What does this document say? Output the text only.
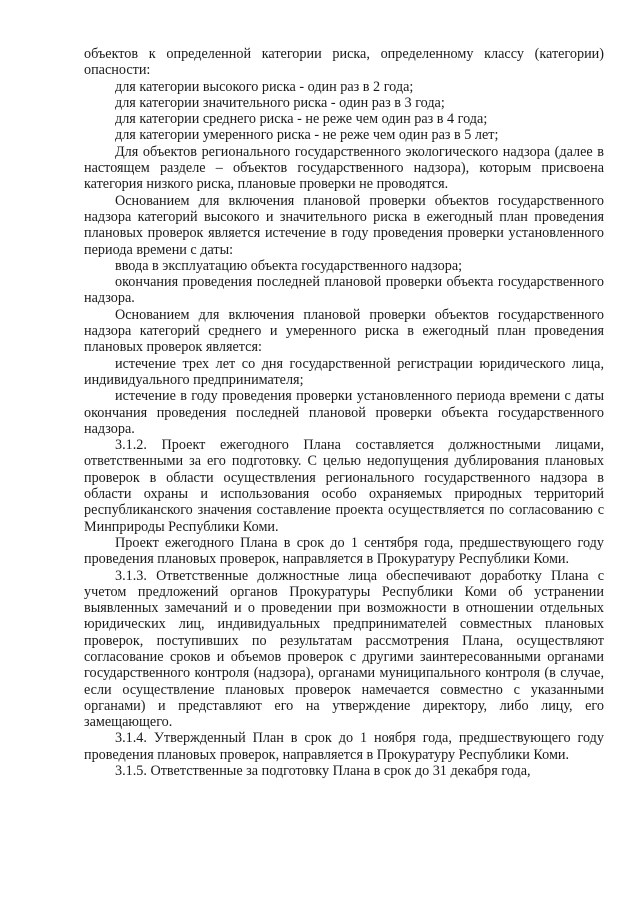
объектов к определенной категории риска, определенному классу (категории) опасности:

для категории высокого риска - один раз в 2 года;

для категории значительного риска - один раз в 3 года;

для категории среднего риска - не реже чем один раз в 4 года;

для категории умеренного риска - не реже чем один раз в 5 лет;

Для объектов регионального государственного экологического надзора (далее в настоящем разделе – объектов государственного надзора), которым присвоена категория низкого риска, плановые проверки не проводятся.

Основанием для включения плановой проверки объектов государственного надзора категорий высокого и значительного риска в ежегодный план проведения плановых проверок является истечение в году проведения проверки установленного периода времени с даты:

ввода в эксплуатацию объекта государственного надзора;

окончания проведения последней плановой проверки объекта государственного надзора.

Основанием для включения плановой проверки объектов государственного надзора категорий среднего и умеренного риска в ежегодный план проведения плановых проверок является:

истечение трех лет со дня государственной регистрации юридического лица, индивидуального предпринимателя;

истечение в году проведения проверки установленного периода времени с даты окончания проведения последней плановой проверки объекта государственного надзора.

3.1.2. Проект ежегодного Плана составляется должностными лицами, ответственными за его подготовку. С целью недопущения дублирования плановых проверок в области осуществления регионального государственного надзора в области охраны и использования особо охраняемых природных территорий республиканского значения составление проекта осуществляется по согласованию с Минприроды Республики Коми.

Проект ежегодного Плана в срок до 1 сентября года, предшествующего году проведения плановых проверок, направляется в Прокуратуру Республики Коми.

3.1.3. Ответственные должностные лица обеспечивают доработку Плана с учетом предложений органов Прокуратуры Республики Коми об устранении выявленных замечаний и о проведении при возможности в отношении отдельных юридических лиц, индивидуальных предпринимателей совместных плановых проверок, поступивших по результатам рассмотрения Плана, осуществляют согласование сроков и объемов проверок с другими заинтересованными органами государственного контроля (надзора), органами муниципального контроля (в случае, если осуществление плановых проверок намечается совместно с указанными органами) и представляют его на утверждение директору, либо лицу, его замещающего.

3.1.4. Утвержденный План в срок до 1 ноября года, предшествующего году проведения плановых проверок, направляется в Прокуратуру Республики Коми.

3.1.5. Ответственные за подготовку Плана в срок до 31 декабря года,
